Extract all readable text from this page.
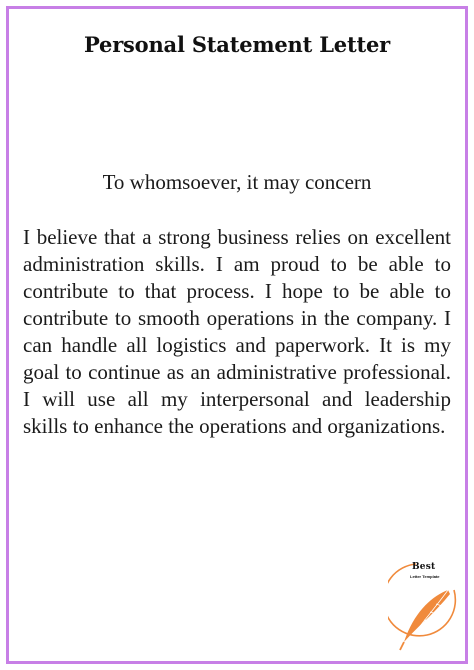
Personal Statement Letter
To whomsoever, it may concern

I believe that a strong business relies on excellent administration skills. I am proud to be able to contribute to that process. I hope to be able to contribute to smooth operations in the company. I can handle all logistics and paperwork. It is my goal to continue as an administrative professional. I will use all my interpersonal and leadership skills to enhance the operations and organizations.

Best
Letter Template
